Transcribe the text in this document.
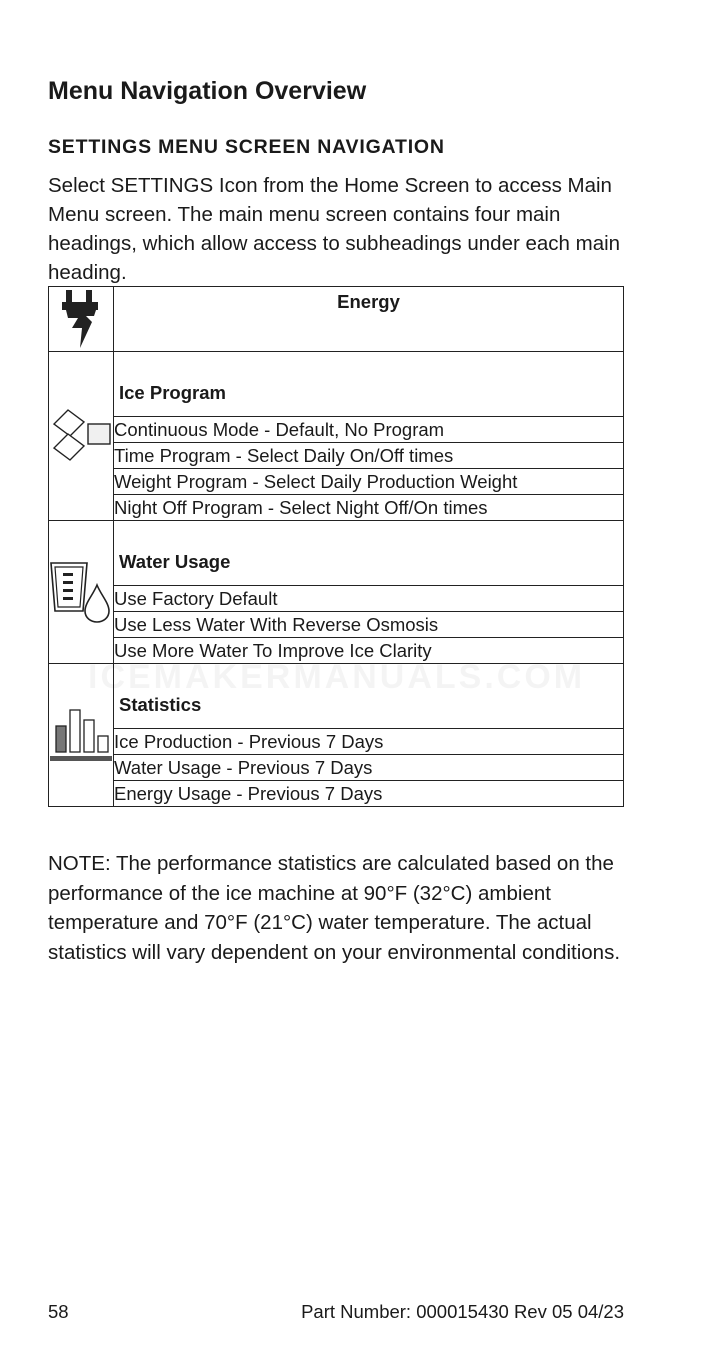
Menu Navigation Overview
SETTINGS MENU SCREEN NAVIGATION

Select SETTINGS Icon from the Home Screen to access Main Menu screen. The main menu screen contains four main headings, which allow access to subheadings under each main heading.

Energy

Ice Program

	Continuous Mode - Default, No Program
	Time Program - Select Daily On/Off times
	Weight Program - Select Daily Production Weight
	Night Off Program - Select Night Off/On times

Water Usage

	Use Factory Default
	Use Less Water With Reverse Osmosis
	Use More Water To Improve Ice Clarity

Statistics

	Ice Production - Previous 7 Days
	Water Usage - Previous 7 Days
	Energy Usage - Previous 7 Days

NOTE: The performance statistics are calculated based on the performance of the ice machine at 90°F (32°C) ambient temperature and 70°F (21°C) water temperature. The actual statistics will vary dependent on your environmental conditions.

58	Part Number: 000015430 Rev 05 04/23
